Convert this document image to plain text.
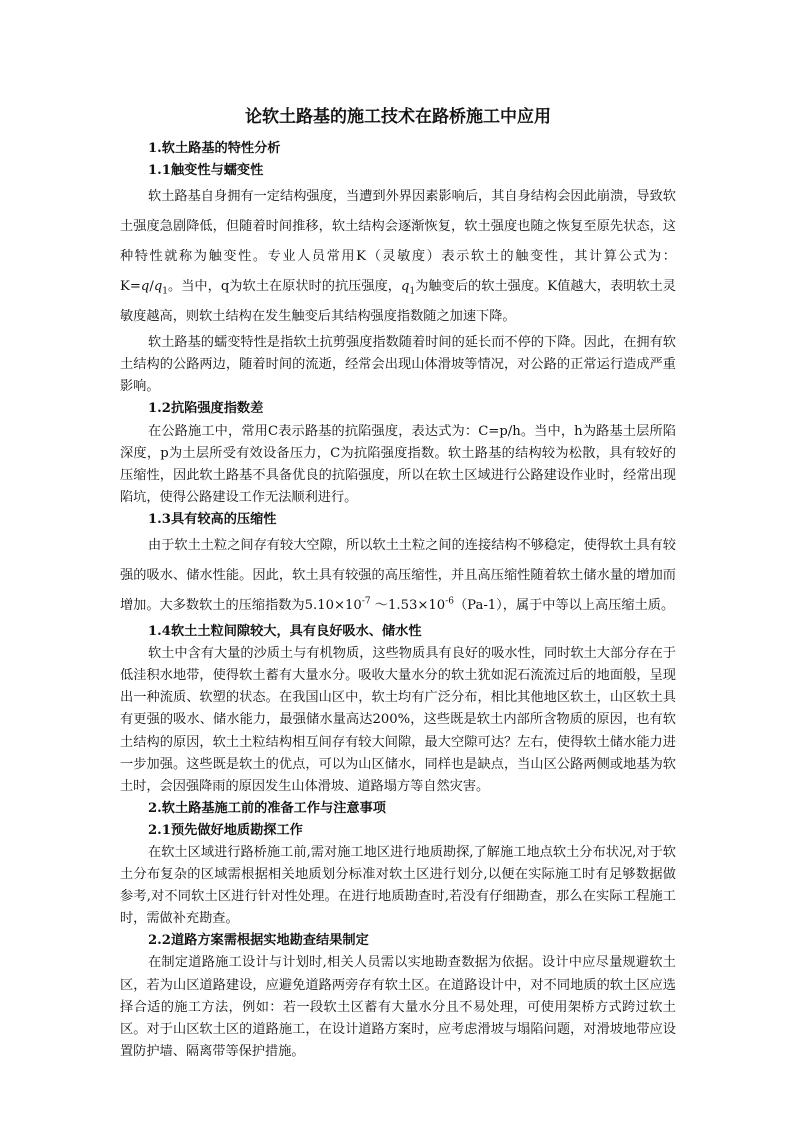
论软土路基的施工技术在路桥施工中应用
1.软土路基的特性分析
1.1触变性与蠕变性

软土路基自身拥有一定结构强度，当遭到外界因素影响后，其自身结构会因此崩溃，导致软土强度急剧降低，但随着时间推移，软土结构会逐渐恢复，软土强度也随之恢复至原先状态，这种特性就称为触变性。专业人员常用K（灵敏度）表示软土的触变性，其计算公式为：$K=q/q_1$。当中，q为软土在原状时的抗压强度，$q_1$为触变后的软土强度。K值越大，表明软土灵敏度越高，则软土结构在发生触变后其结构强度指数随之加速下降。

软土路基的蠕变特性是指软土抗剪强度指数随着时间的延长而不停的下降。因此，在拥有软土结构的公路两边，随着时间的流逝，经常会出现山体滑坡等情况，对公路的正常运行造成严重影响。

1.2抗陷强度指数差

在公路施工中，常用C表示路基的抗陷强度，表达式为：C=p/h。当中，h为路基土层所陷深度，p为土层所受有效设备压力，C为抗陷强度指数。软土路基的结构较为松散，具有较好的压缩性，因此软土路基不具备优良的抗陷强度，所以在软土区域进行公路建设作业时，经常出现陷坑，使得公路建设工作无法顺利进行。

1.3具有较高的压缩性

由于软土土粒之间存有较大空隙，所以软土土粒之间的连接结构不够稳定，使得软土具有较强的吸水、储水性能。因此，软土具有较强的高压缩性，并且高压缩性随着软土储水量的增加而增加。大多数软土的压缩指数为$5.10\times 10^{-7}$ $\sim 1.53\times 10^{-6}(Pa-1)$，属于中等以上高压缩土质。

1.4软土土粒间隙较大，具有良好吸水、储水性

软土中含有大量的沙质土与有机物质，这些物质具有良好的吸水性，同时软土大部分存在于低洼积水地带，使得软土蓄有大量水分。吸收大量水分的软土犹如泥石流流过后的地面般，呈现出一种流质、软塑的状态。在我国山区中，软土均有广泛分布，相比其他地区软土，山区软土具有更强的吸水、储水能力，最强储水量高达200%，这些既是软土内部所含物质的原因，也有软土结构的原因，软土土粒结构相互间存有较大间隙，最大空隙可达？左右，使得软土储水能力进一步加强。这些既是软土的优点，可以为山区储水，同样也是缺点，当山区公路两侧或地基为软土时，会因强降雨的原因发生山体滑坡、道路塌方等自然灾害。

2.软土路基施工前的准备工作与注意事项
2.1预先做好地质勘探工作

在软土区域进行路桥施工前,需对施工地区进行地质勘探,了解施工地点软土分布状况,对于软土分布复杂的区域需根据相关地质划分标准对软土区进行划分,以便在实际施工时有足够数据做参考,对不同软土区进行针对性处理。在进行地质勘查时,若没有仔细勘查，那么在实际工程施工时，需做补充勘查。

2.2道路方案需根据实地勘查结果制定

在制定道路施工设计与计划时,相关人员需以实地勘查数据为依据。设计中应尽量规避软土区，若为山区道路建设，应避免道路两旁存有软土区。在道路设计中，对不同地质的软土区应选择合适的施工方法，例如：若一段软土区蓄有大量水分且不易处理，可使用架桥方式跨过软土区。对于山区软土区的道路施工，在设计道路方案时，应考虑滑坡与塌陷问题，对滑坡地带应设置防护墙、隔离带等保护措施。
